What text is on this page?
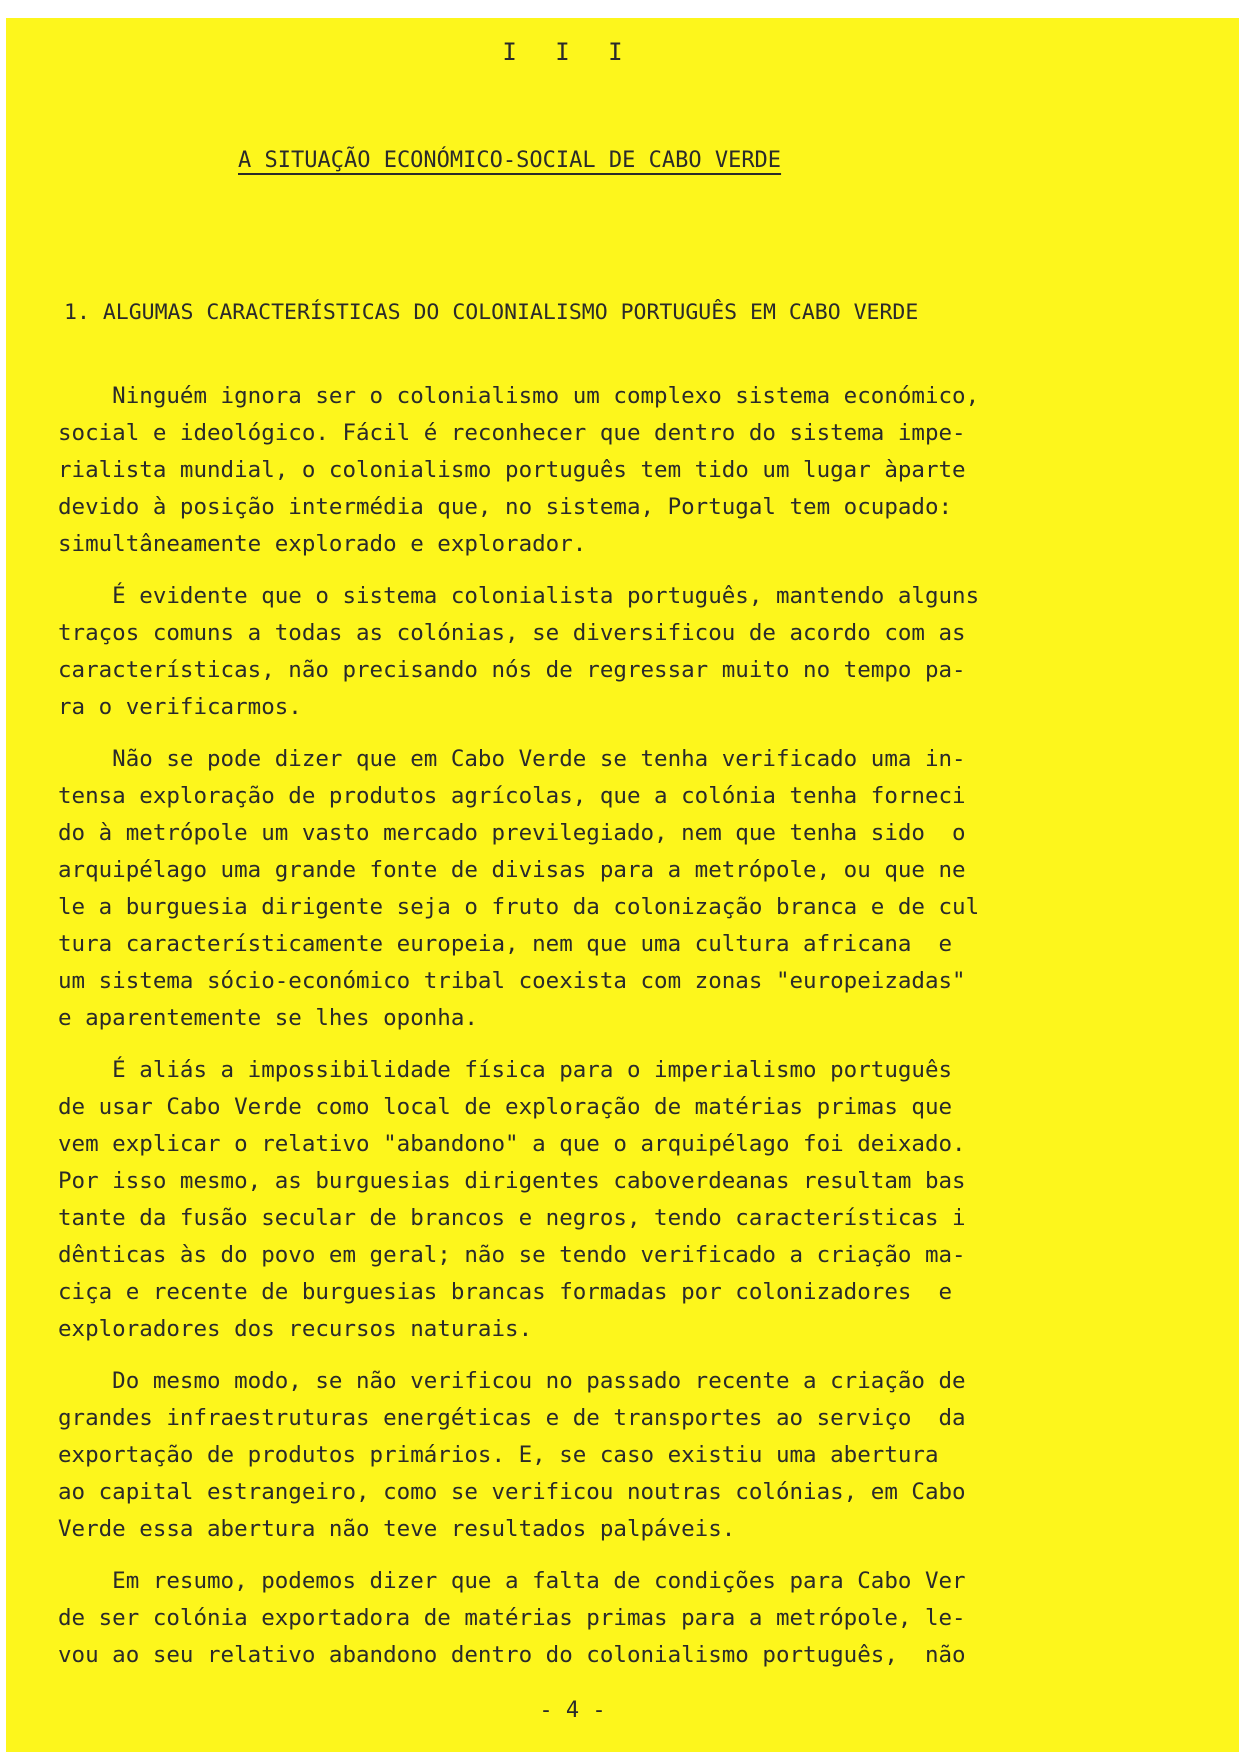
I I I
A SITUAÇÃO ECONÓMICO-SOCIAL DE CABO VERDE
1. ALGUMAS CARACTERÍSTICAS DO COLONIALISMO PORTUGUÊS EM CABO VERDE
Ninguém ignora ser o colonialismo um complexo sistema económico,
social e ideológico. Fácil é reconhecer que dentro do sistema impe-
rialista mundial, o colonialismo português tem tido um lugar àparte
devido à posição intermédia que, no sistema, Portugal tem ocupado:
simultâneamente explorado e explorador.
É evidente que o sistema colonialista português, mantendo alguns
traços comuns a todas as colónias, se diversificou de acordo com as
características, não precisando nós de regressar muito no tempo pa-
ra o verificarmos.
Não se pode dizer que em Cabo Verde se tenha verificado uma in-
tensa exploração de produtos agrícolas, que a colónia tenha forneci
do à metrópole um vasto mercado previlegiado, nem que tenha sido  o
arquipélago uma grande fonte de divisas para a metrópole, ou que ne
le a burguesia dirigente seja o fruto da colonização branca e de cul
tura característicamente europeia, nem que uma cultura africana  e
um sistema sócio-económico tribal coexista com zonas "europeizadas"
e aparentemente se lhes oponha.
É aliás a impossibilidade física para o imperialismo português
de usar Cabo Verde como local de exploração de matérias primas que
vem explicar o relativo "abandono" a que o arquipélago foi deixado.
Por isso mesmo, as burguesias dirigentes caboverdeanas resultam bas
tante da fusão secular de brancos e negros, tendo características i
dênticas às do povo em geral; não se tendo verificado a criação ma-
ciça e recente de burguesias brancas formadas por colonizadores  e
exploradores dos recursos naturais.
Do mesmo modo, se não verificou no passado recente a criação de
grandes infraestruturas energéticas e de transportes ao serviço  da
exportação de produtos primários. E, se caso existiu uma abertura
ao capital estrangeiro, como se verificou noutras colónias, em Cabo
Verde essa abertura não teve resultados palpáveis.
Em resumo, podemos dizer que a falta de condições para Cabo Ver
de ser colónia exportadora de matérias primas para a metrópole, le-
vou ao seu relativo abandono dentro do colonialismo português,  não
- 4 -
